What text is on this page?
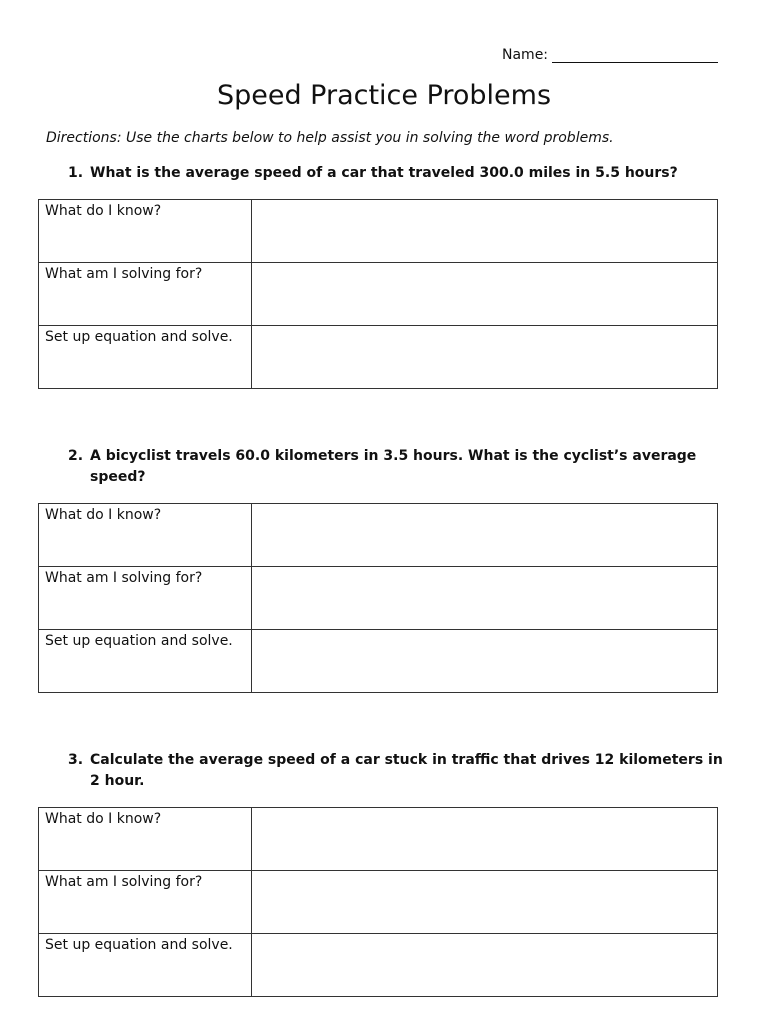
Name:
Speed Practice Problems

Directions: Use the charts below to help assist you in solving the word problems.

1. What is the average speed of a car that traveled 300.0 miles in 5.5 hours?
What do I know?	
What am I solving for?	
Set up equation and solve.	
2. A bicyclist travels 60.0 kilometers in 3.5 hours. What is the cyclist’s average speed?
What do I know?	
What am I solving for?	
Set up equation and solve.	
3. Calculate the average speed of a car stuck in traffic that drives 12 kilometers in 2 hour.
What do I know?	
What am I solving for?	
Set up equation and solve.	
